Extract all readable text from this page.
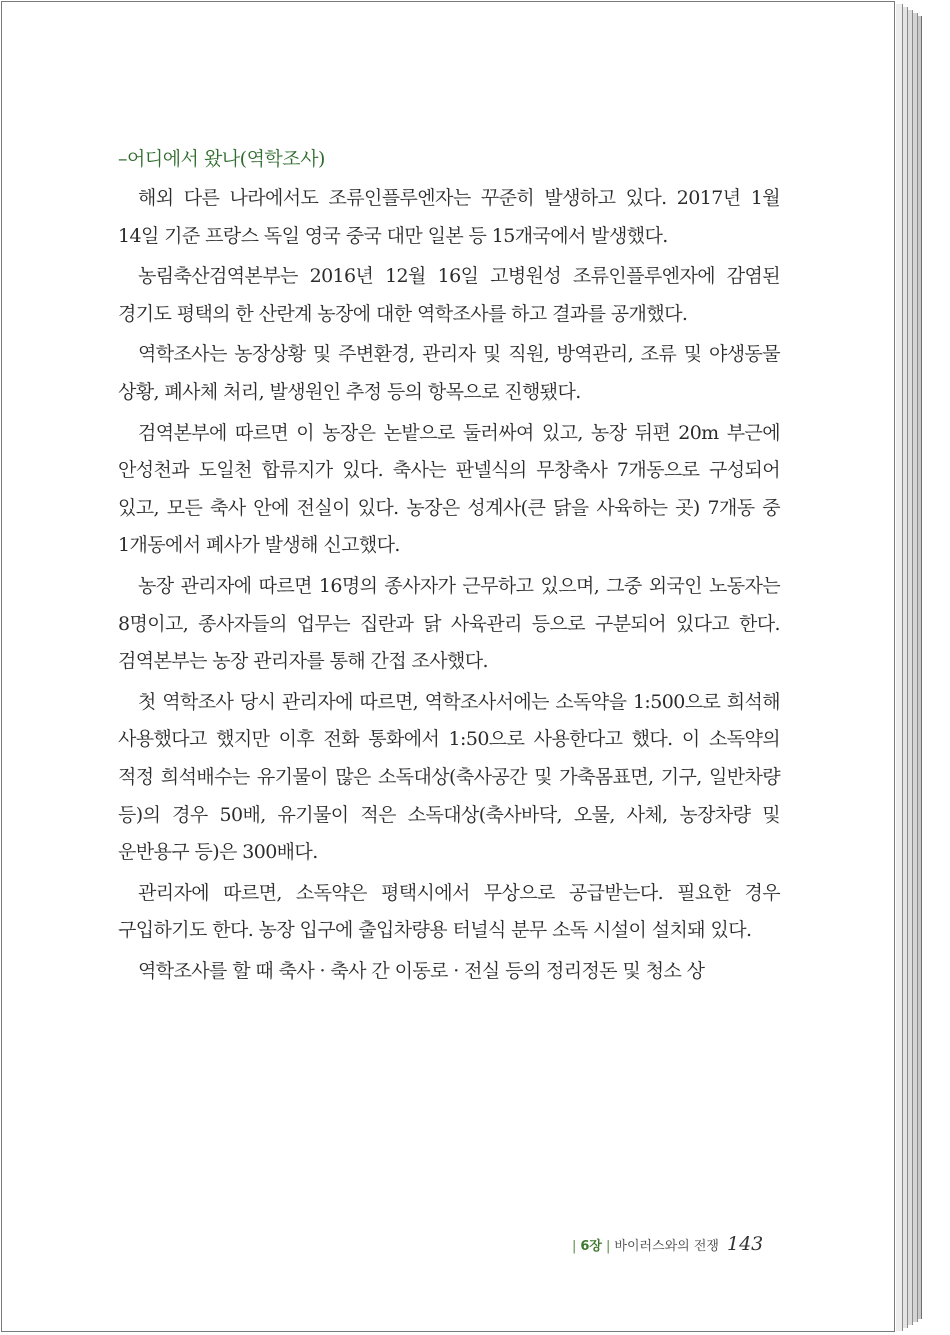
–어디에서 왔나(역학조사)

해외 다른 나라에서도 조류인플루엔자는 꾸준히 발생하고 있다. 2017년 1월 14일 기준 프랑스 독일 영국 중국 대만 일본 등 15개국에서 발생했다.

농림축산검역본부는 2016년 12월 16일 고병원성 조류인플루엔자에 감염된 경기도 평택의 한 산란계 농장에 대한 역학조사를 하고 결과를 공개했다.

역학조사는 농장상황 및 주변환경, 관리자 및 직원, 방역관리, 조류 및 야생동물 상황, 폐사체 처리, 발생원인 추정 등의 항목으로 진행됐다.

검역본부에 따르면 이 농장은 논밭으로 둘러싸여 있고, 농장 뒤편 20m 부근에 안성천과 도일천 합류지가 있다. 축사는 판넬식의 무창축사 7개동으로 구성되어 있고, 모든 축사 안에 전실이 있다. 농장은 성계사(큰 닭을 사육하는 곳) 7개동 중 1개동에서 폐사가 발생해 신고했다.

농장 관리자에 따르면 16명의 종사자가 근무하고 있으며, 그중 외국인 노동자는 8명이고, 종사자들의 업무는 집란과 닭 사육관리 등으로 구분되어 있다고 한다. 검역본부는 농장 관리자를 통해 간접 조사했다.

첫 역학조사 당시 관리자에 따르면, 역학조사서에는 소독약을 1:500으로 희석해 사용했다고 했지만 이후 전화 통화에서 1:50으로 사용한다고 했다. 이 소독약의 적정 희석배수는 유기물이 많은 소독대상(축사공간 및 가축몸표면, 기구, 일반차량 등)의 경우 50배, 유기물이 적은 소독대상(축사바닥, 오물, 사체, 농장차량 및 운반용구 등)은 300배다.

관리자에 따르면, 소독약은 평택시에서 무상으로 공급받는다. 필요한 경우 구입하기도 한다. 농장 입구에 출입차량용 터널식 분무 소독 시설이 설치돼 있다.

역학조사를 할 때 축사 · 축사 간 이동로 · 전실 등의 정리정돈 및 청소 상

| 6장 | 바이러스와의 전쟁 143
